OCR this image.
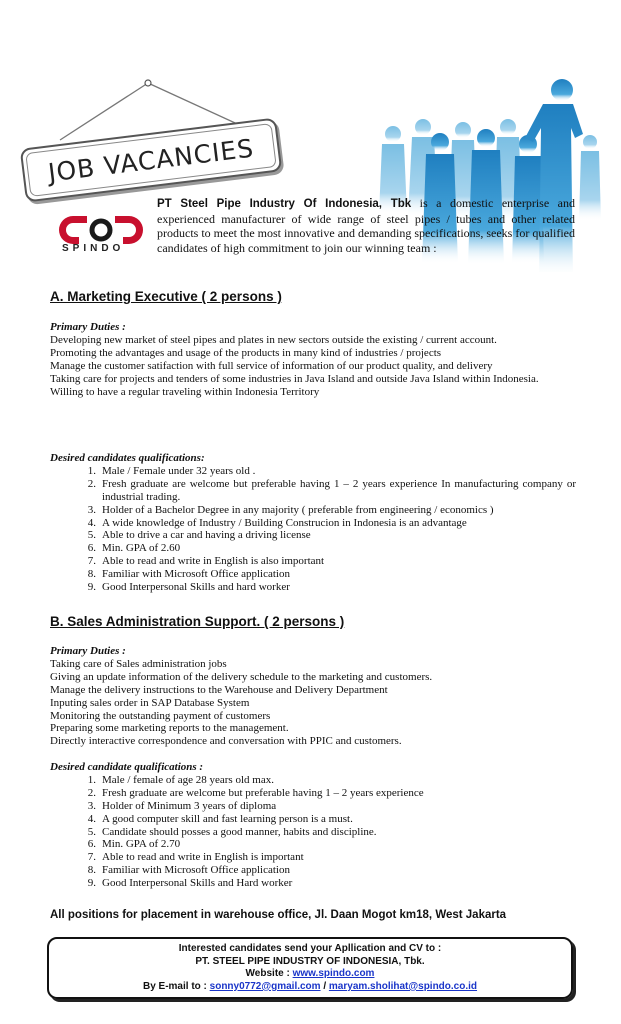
JOB VACANCIES
SPINDO
PT Steel Pipe Industry Of Indonesia, Tbk is a domestic enterprise and experienced manufacturer of wide range of steel pipes / tubes and other related products to meet the most innovative and demanding specifications, seeks for qualified candidates of high commitment to join our winning team :
A. Marketing Executive ( 2 persons )
Primary Duties :
Developing new market of steel pipes and plates in new sectors outside the existing / current account.
Promoting the advantages and usage of the products in many kind of industries / projects
Manage the customer satifaction with full service of information of our product quality, and delivery
Taking care for projects and tenders of some industries in Java Island and outside Java Island within Indonesia.
Willing to have a regular traveling within Indonesia Territory
Desired candidates qualifications:
1. Male / Female under 32 years old .
2. Fresh graduate are welcome but preferable having 1 – 2 years experience In manufacturing company or industrial trading.
3. Holder of a Bachelor Degree in any majority ( preferable from engineering / economics )
4. A wide knowledge of Industry / Building Construcion in Indonesia is an advantage
5. Able to drive a car and having a driving license
6. Min. GPA of 2.60
7. Able to read and write in English is also important
8. Familiar with Microsoft Office application
9. Good Interpersonal Skills and hard worker
B. Sales Administration Support. ( 2 persons )
Primary Duties :
Taking care of Sales administration jobs
Giving an update information of the delivery schedule to the marketing and customers.
Manage the delivery instructions to the Warehouse and Delivery Department
Inputing sales order in SAP Database System
Monitoring the outstanding payment of customers
Preparing some marketing reports to the management.
Directly interactive correspondence and conversation with PPIC and customers.
Desired candidate qualifications :
1. Male / female of age 28 years old max.
2. Fresh graduate are welcome but preferable having 1 – 2 years experience
3. Holder of Minimum 3 years of diploma
4. A good computer skill and fast learning person is a must.
5. Candidate should posses a good manner, habits and discipline.
6. Min. GPA of 2.70
7. Able to read and write in English is important
8. Familiar with Microsoft Office application
9. Good Interpersonal Skills and Hard worker
All positions for placement in warehouse office, Jl. Daan Mogot km18, West Jakarta
Interested candidates send your Apllication and CV to :
PT. STEEL PIPE INDUSTRY OF INDONESIA, Tbk.
Website : www.spindo.com
By E-mail to : sonny0772@gmail.com / maryam.sholihat@spindo.co.id
